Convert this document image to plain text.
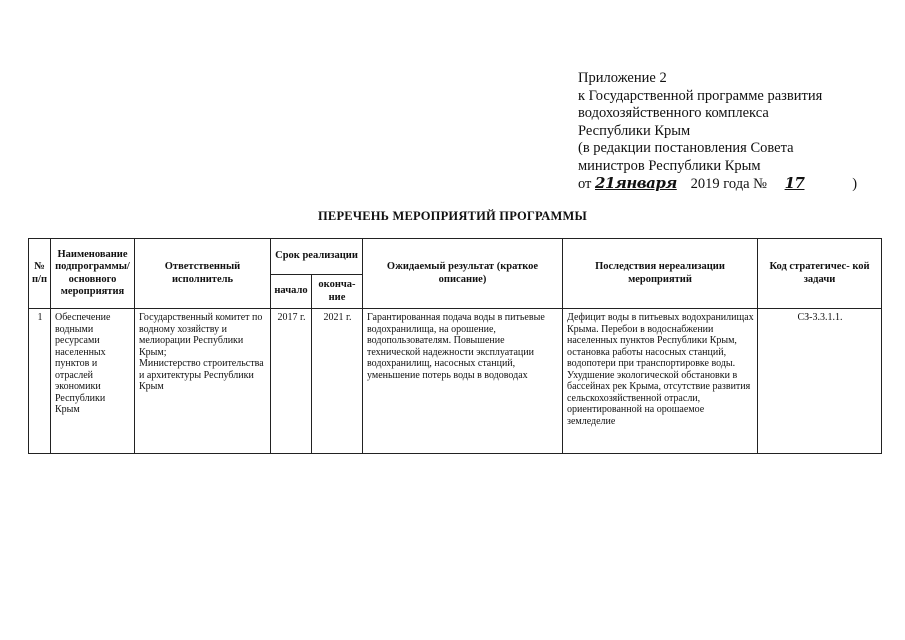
Приложение 2
к Государственной программе развития
водохозяйственного комплекса
Республики Крым
(в редакции постановления Совета
министров Республики Крым
от 21января 2019 года № 17	)
ПЕРЕЧЕНЬ МЕРОПРИЯТИЙ ПРОГРАММЫ
№ п/п	Наименование подпрограммы/ основного мероприятия	Ответственный исполнитель	Срок реализации		Ожидаемый результат (краткое описание)	Последствия нереализации мероприятий	Код стратегичес- кой задачи
			начало	оконча- ние			
1	Обеспечение водными ресурсами населенных пунктов и отраслей экономики Республики Крым	Государственный комитет по водному хозяйству и мелиорации Республики Крым;
Министерство строительства и архитектуры Республики Крым	2017 г.	2021 г.	Гарантированная подача воды в питьевые водохранилища, на орошение, водопользователям. Повышение технической надежности эксплуатации водохранилищ, насосных станций, уменьшение потерь воды в водоводах	Дефицит воды в питьевых водохранилищах Крыма. Перебои в водоснабжении населенных пунктов Республики Крым, остановка работы насосных станций, водопотери при транспортировке воды. Ухудшение экологической обстановки в бассейнах рек Крыма, отсутствие развития сельскохозяйственной отрасли, ориентированной на орошаемое земледелие	СЗ-3.3.1.1.
